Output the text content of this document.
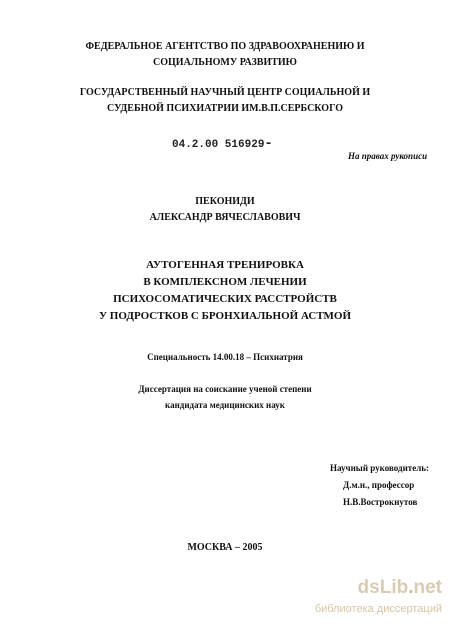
ФЕДЕРАЛЬНОЕ АГЕНТСТВО ПО ЗДРАВООХРАНЕНИЮ И
СОЦИАЛЬНОМУ РАЗВИТИЮ
ГОСУДАРСТВЕННЫЙ НАУЧНЫЙ ЦЕНТР СОЦИАЛЬНОЙ И
СУДЕБНОЙ ПСИХИАТРИИ ИМ.В.П.СЕРБСКОГО
04.2.00 516929-
На правах рукописи
ПЕКОНИДИ
АЛЕКСАНДР ВЯЧЕСЛАВОВИЧ
АУТОГЕННАЯ ТРЕНИРОВКА
В КОМПЛЕКСНОМ ЛЕЧЕНИИ
ПСИХОСОМАТИЧЕСКИХ РАССТРОЙСТВ
У ПОДРОСТКОВ С БРОНХИАЛЬНОЙ АСТМОЙ
Специальность 14.00.18 – Психиатрия
Диссертация на соискание ученой степени
кандидата медицинских наук
Научный руководитель:
Д.м.н., профессор
Н.В.Вострокнутов
МОСКВА – 2005
dsLib.net
библиотека диссертаций
